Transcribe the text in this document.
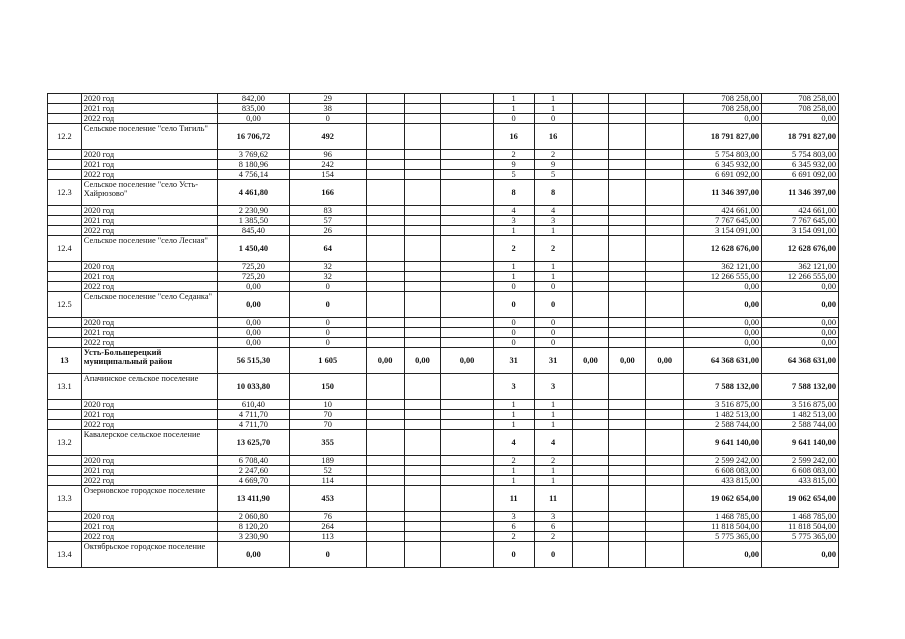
	2020 год	842,00	29				1	1				708 258,00	708 258,00
	2021 год	835,00	38				1	1				708 258,00	708 258,00
	2022 год	0,00	0				0	0				0,00	0,00
12.2	Сельское поселение "село Тигиль"	16 706,72	492				16	16				18 791 827,00	18 791 827,00
	2020 год	3 769,62	96				2	2				5 754 803,00	5 754 803,00
	2021 год	8 180,96	242				9	9				6 345 932,00	6 345 932,00
	2022 год	4 756,14	154				5	5				6 691 092,00	6 691 092,00
12.3	Сельское поселение "село Усть-Хайрюзово"	4 461,80	166				8	8				11 346 397,00	11 346 397,00
	2020 год	2 230,90	83				4	4				424 661,00	424 661,00
	2021 год	1 385,50	57				3	3				7 767 645,00	7 767 645,00
	2022 год	845,40	26				1	1				3 154 091,00	3 154 091,00
12.4	Сельское поселение "село Лесная"	1 450,40	64				2	2				12 628 676,00	12 628 676,00
	2020 год	725,20	32				1	1				362 121,00	362 121,00
	2021 год	725,20	32				1	1				12 266 555,00	12 266 555,00
	2022 год	0,00	0				0	0				0,00	0,00
12.5	Сельское поселение "село Седанка"	0,00	0				0	0				0,00	0,00
	2020 год	0,00	0				0	0				0,00	0,00
	2021 год	0,00	0				0	0				0,00	0,00
	2022 год	0,00	0				0	0				0,00	0,00
13	Усть-Большерецкий муниципальный район	56 515,30	1 605	0,00	0,00	0,00	31	31	0,00	0,00	0,00	64 368 631,00	64 368 631,00
13.1	Апачинское сельское поселение	10 033,80	150				3	3				7 588 132,00	7 588 132,00
	2020 год	610,40	10				1	1				3 516 875,00	3 516 875,00
	2021 год	4 711,70	70				1	1				1 482 513,00	1 482 513,00
	2022 год	4 711,70	70				1	1				2 588 744,00	2 588 744,00
13.2	Кавалерское сельское поселение	13 625,70	355				4	4				9 641 140,00	9 641 140,00
	2020 год	6 708,40	189				2	2				2 599 242,00	2 599 242,00
	2021 год	2 247,60	52				1	1				6 608 083,00	6 608 083,00
	2022 год	4 669,70	114				1	1				433 815,00	433 815,00
13.3	Озерновское городское поселение	13 411,90	453				11	11				19 062 654,00	19 062 654,00
	2020 год	2 060,80	76				3	3				1 468 785,00	1 468 785,00
	2021 год	8 120,20	264				6	6				11 818 504,00	11 818 504,00
	2022 год	3 230,90	113				2	2				5 775 365,00	5 775 365,00
13.4	Октябрьское городское поселение	0,00	0				0	0				0,00	0,00
